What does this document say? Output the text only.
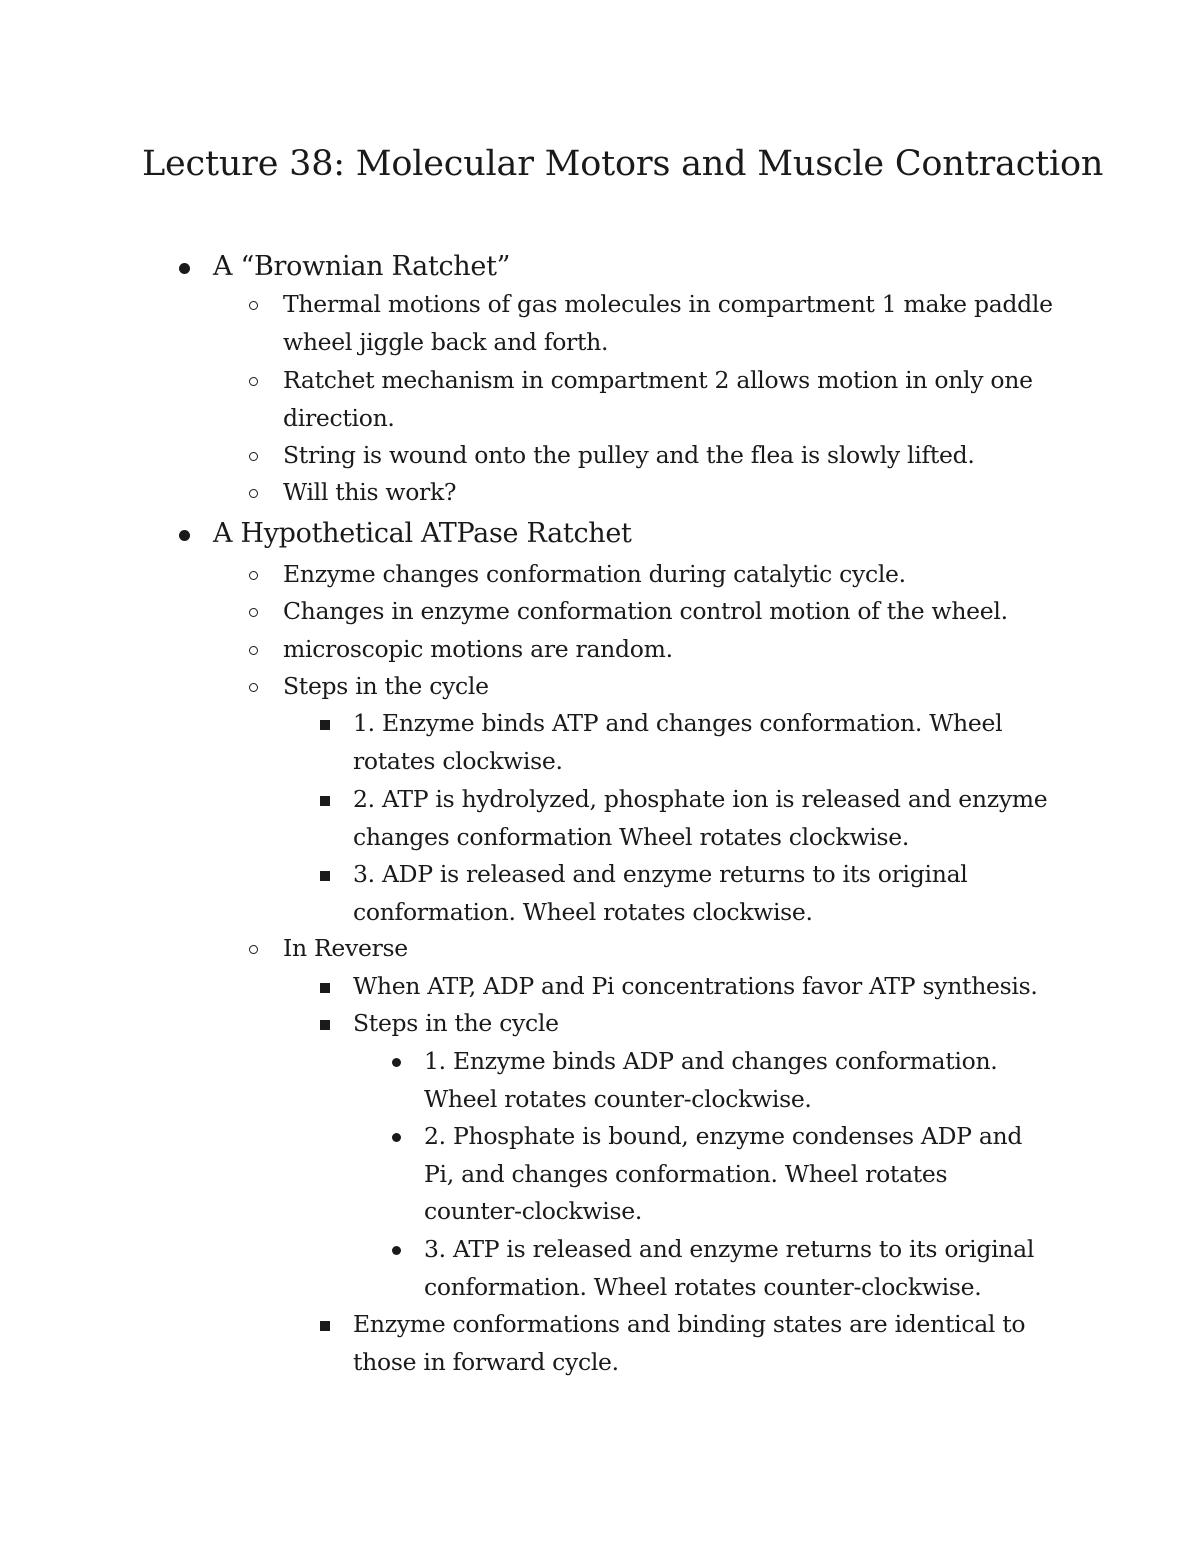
Lecture 38: Molecular Motors and Muscle Contraction
A “Brownian Ratchet”
Thermal motions of gas molecules in compartment 1 make paddle
wheel jiggle back and forth.
Ratchet mechanism in compartment 2 allows motion in only one
direction.
String is wound onto the pulley and the flea is slowly lifted.
Will this work?
A Hypothetical ATPase Ratchet
Enzyme changes conformation during catalytic cycle.
Changes in enzyme conformation control motion of the wheel.
microscopic motions are random.
Steps in the cycle
1. Enzyme binds ATP and changes conformation. Wheel
rotates clockwise.
2. ATP is hydrolyzed, phosphate ion is released and enzyme
changes conformation Wheel rotates clockwise.
3. ADP is released and enzyme returns to its original
conformation. Wheel rotates clockwise.
In Reverse
When ATP, ADP and Pi concentrations favor ATP synthesis.
Steps in the cycle
1. Enzyme binds ADP and changes conformation.
Wheel rotates counter-clockwise.
2. Phosphate is bound, enzyme condenses ADP and
Pi, and changes conformation. Wheel rotates
counter-clockwise.
3. ATP is released and enzyme returns to its original
conformation. Wheel rotates counter-clockwise.
Enzyme conformations and binding states are identical to
those in forward cycle.
